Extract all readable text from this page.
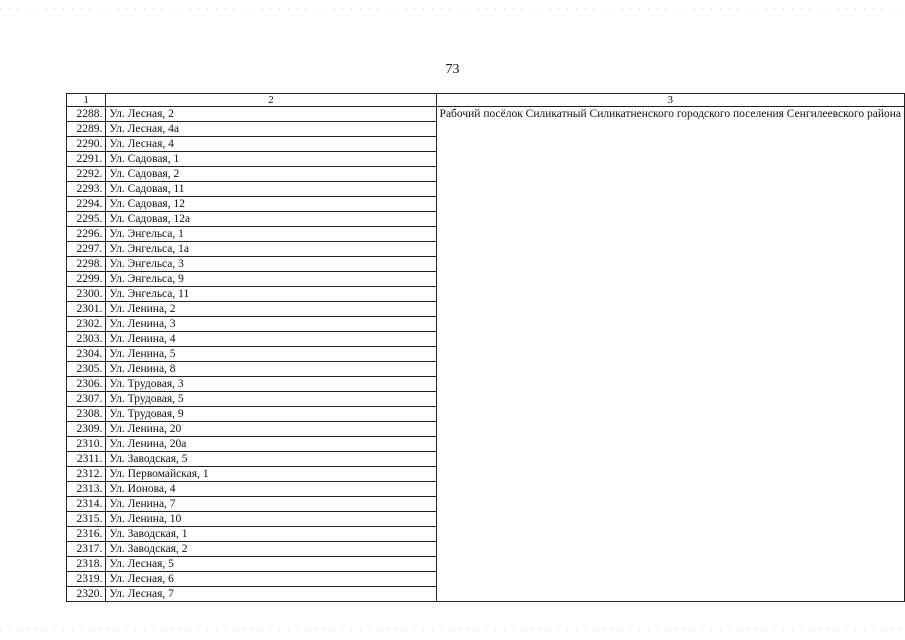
73
1	2	3
2288.	Ул. Лесная, 2	Рабочий посёлок Силикатный Силикатненского городского поселения Сенгилеевского района
2289.	Ул. Лесная, 4а	
2290.	Ул. Лесная, 4	
2291.	Ул. Садовая, 1	
2292.	Ул. Садовая, 2	
2293.	Ул. Садовая, 11	
2294.	Ул. Садовая, 12	
2295.	Ул. Садовая, 12а	
2296.	Ул. Энгельса, 1	
2297.	Ул. Энгельса, 1а	
2298.	Ул. Энгельса, 3	
2299.	Ул. Энгельса, 9	
2300.	Ул. Энгельса, 11	
2301.	Ул. Ленина, 2	
2302.	Ул. Ленина, 3	
2303.	Ул. Ленина, 4	
2304.	Ул. Ленина, 5	
2305.	Ул. Ленина, 8	
2306.	Ул. Трудовая, 3	
2307.	Ул. Трудовая, 5	
2308.	Ул. Трудовая, 9	
2309.	Ул. Ленина, 20	
2310.	Ул. Ленина, 20а	
2311.	Ул. Заводская, 5	
2312.	Ул. Первомайская, 1	
2313.	Ул. Ионова, 4	
2314.	Ул. Ленина, 7	
2315.	Ул. Ленина, 10	
2316.	Ул. Заводская, 1	
2317.	Ул. Заводская, 2	
2318.	Ул. Лесная, 5	
2319.	Ул. Лесная, 6	
2320.	Ул. Лесная, 7	
